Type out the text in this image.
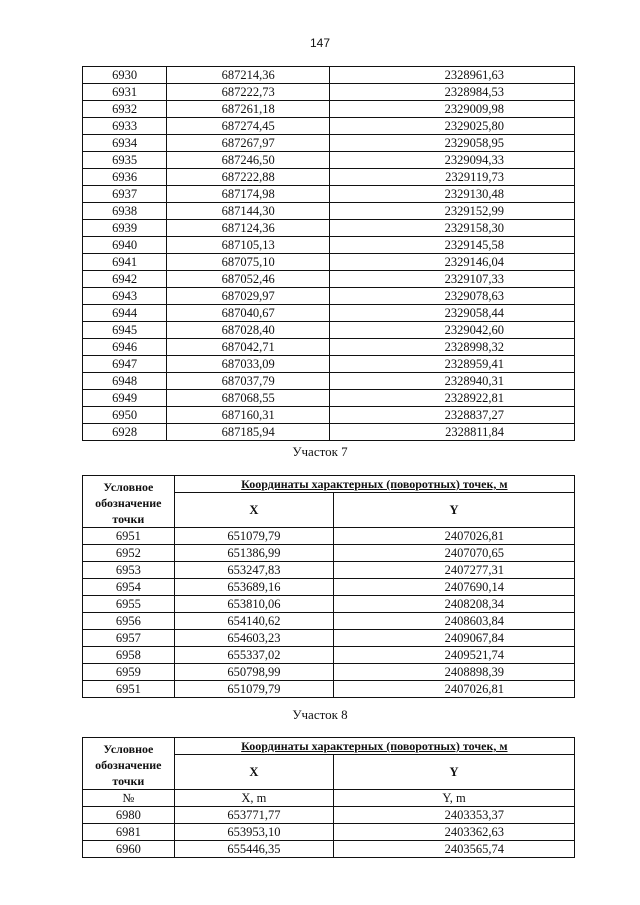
147
6930	687214,36	2328961,63
6931	687222,73	2328984,53
6932	687261,18	2329009,98
6933	687274,45	2329025,80
6934	687267,97	2329058,95
6935	687246,50	2329094,33
6936	687222,88	2329119,73
6937	687174,98	2329130,48
6938	687144,30	2329152,99
6939	687124,36	2329158,30
6940	687105,13	2329145,58
6941	687075,10	2329146,04
6942	687052,46	2329107,33
6943	687029,97	2329078,63
6944	687040,67	2329058,44
6945	687028,40	2329042,60
6946	687042,71	2328998,32
6947	687033,09	2328959,41
6948	687037,79	2328940,31
6949	687068,55	2328922,81
6950	687160,31	2328837,27
6928	687185,94	2328811,84
Участок 7
Условное обозначение точки	Координаты характерных (поворотных) точек, м	
	X	Y
6951	651079,79	2407026,81
6952	651386,99	2407070,65
6953	653247,83	2407277,31
6954	653689,16	2407690,14
6955	653810,06	2408208,34
6956	654140,62	2408603,84
6957	654603,23	2409067,84
6958	655337,02	2409521,74
6959	650798,99	2408898,39
6951	651079,79	2407026,81
Участок 8
Условное обозначение точки	Координаты характерных (поворотных) точек, м	
	X	Y
№	X, m	Y, m
6980	653771,77	2403353,37
6981	653953,10	2403362,63
6960	655446,35	2403565,74
